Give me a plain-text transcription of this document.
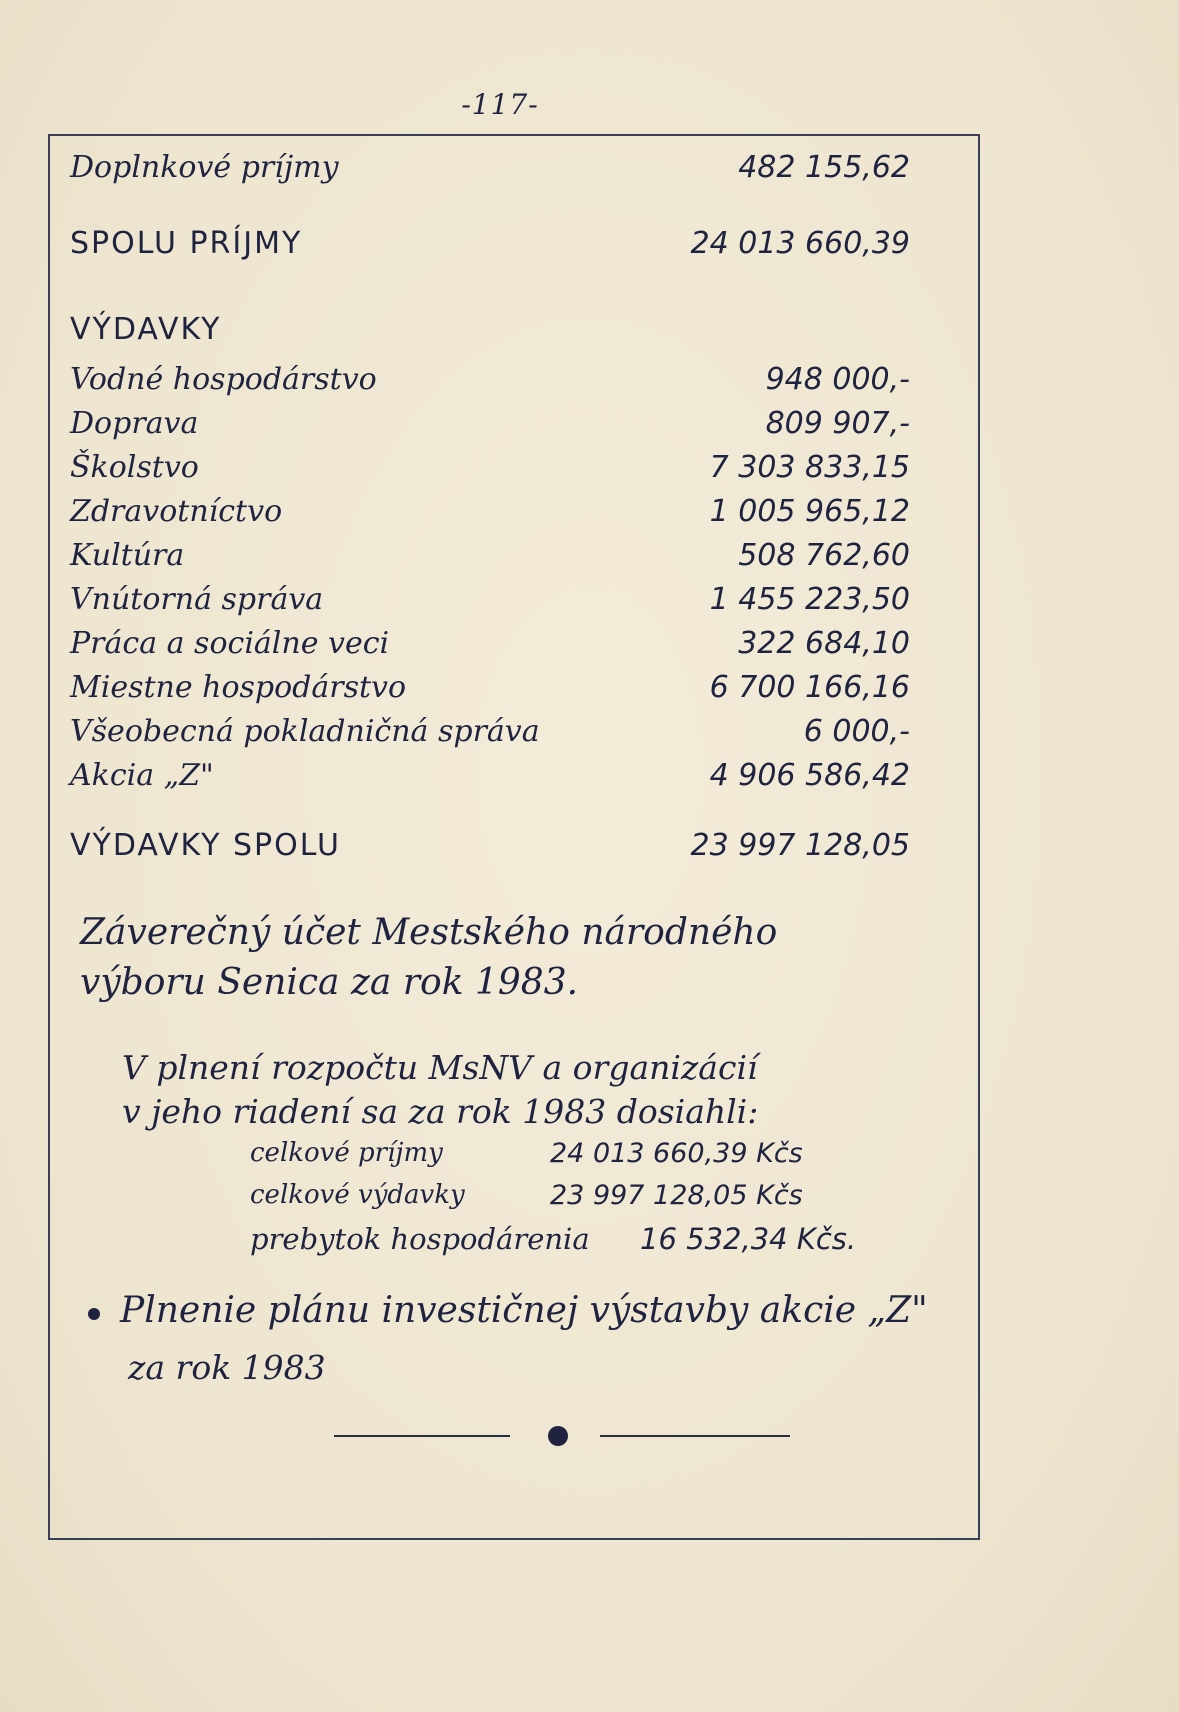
-117-
Doplnkové príjmy	482 155,62
SPOLU PRÍJMY	24 013 660,39
VÝDAVKY
Vodné hospodárstvo	948 000,-
Doprava	809 907,-
Školstvo	7 303 833,15
Zdravotníctvo	1 005 965,12
Kultúra	508 762,60
Vnútorná správa	1 455 223,50
Práca a sociálne veci	322 684,10
Miestne hospodárstvo	6 700 166,16
Všeobecná pokladničná správa	6 000,-
Akcia „Z"	4 906 586,42
VÝDAVKY SPOLU	23 997 128,05
Záverečný účet Mestského národného
výboru Senica za rok 1983.
V plnení rozpočtu MsNV a organizácií
v jeho riadení sa za rok 1983 dosiahli:
celkové príjmy	24 013 660,39 Kčs
celkové výdavky	23 997 128,05 Kčs
prebytok hospodárenia 16 532,34 Kčs.
Plnenie plánu investičnej výstavby akcie „Z"
za rok 1983
